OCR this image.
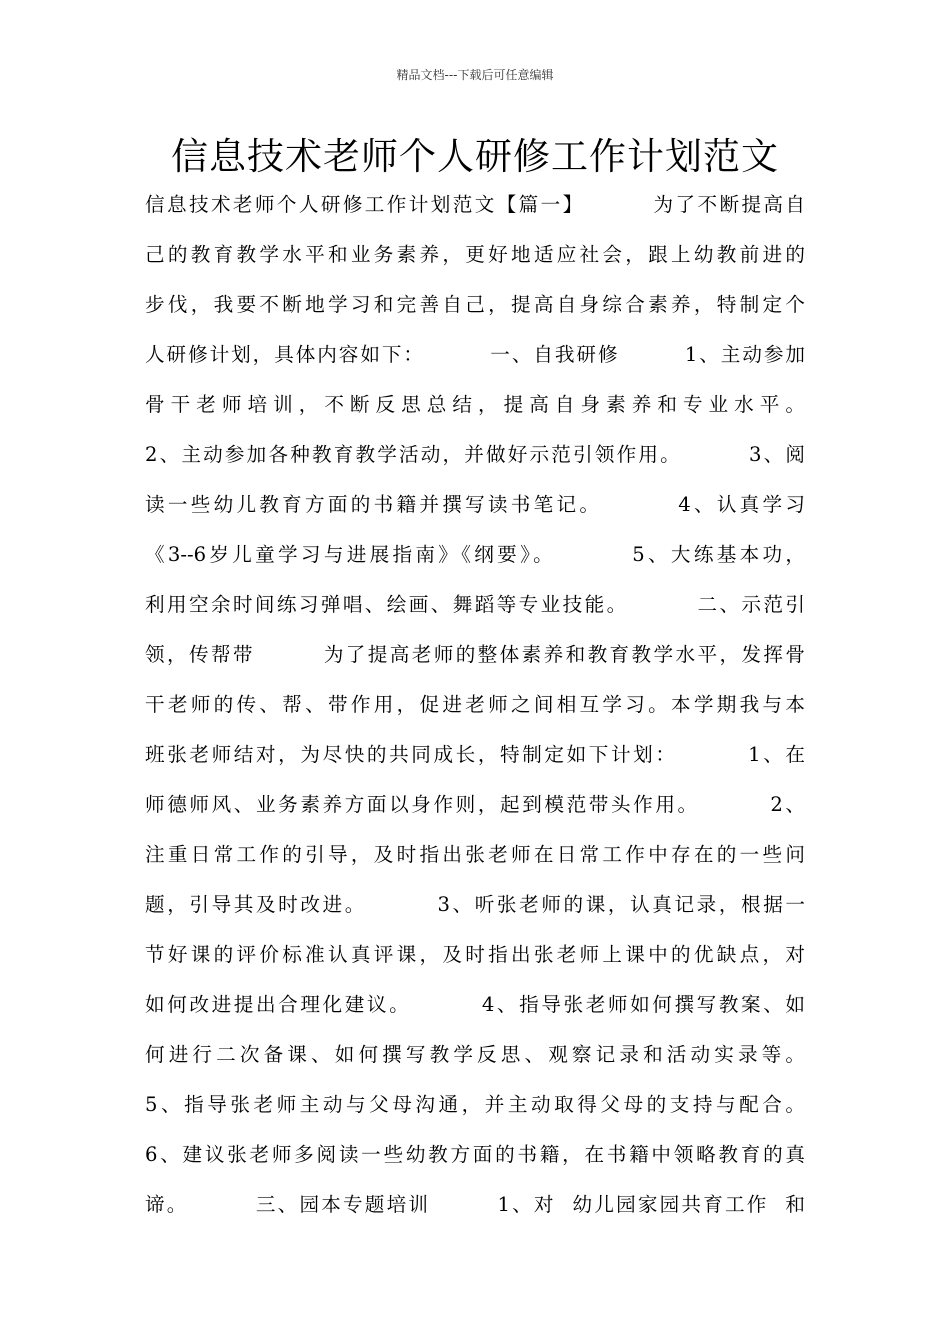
精品文档---下载后可任意编辑
信息技术老师个人研修工作计划范文
信息技术老师个人研修工作计划范文【篇一】        为了不断提高自
己的教育教学水平和业务素养，更好地适应社会，跟上幼教前进的
步伐，我要不断地学习和完善自己，提高自身综合素养，特制定个
人研修计划，具体内容如下：        一、自我研修        1、主动参加
骨干老师培训，不断反思总结，提高自身素养和专业水平。
2、主动参加各种教育教学活动，并做好示范引领作用。        3、阅
读一些幼儿教育方面的书籍并撰写读书笔记。        4、认真学习
《3--6岁儿童学习与进展指南》《纲要》。        5、大练基本功，
利用空余时间练习弹唱、绘画、舞蹈等专业技能。        二、示范引
领，传帮带        为了提高老师的整体素养和教育教学水平，发挥骨
干老师的传、帮、带作用，促进老师之间相互学习。本学期我与本
班张老师结对，为尽快的共同成长，特制定如下计划：        1、在
师德师风、业务素养方面以身作则，起到模范带头作用。        2、
注重日常工作的引导，及时指出张老师在日常工作中存在的一些问
题，引导其及时改进。        3、听张老师的课，认真记录，根据一
节好课的评价标准认真评课，及时指出张老师上课中的优缺点，对
如何改进提出合理化建议。        4、指导张老师如何撰写教案、如
何进行二次备课、如何撰写教学反思、观察记录和活动实录等。
5、指导张老师主动与父母沟通，并主动取得父母的支持与配合。
6、建议张老师多阅读一些幼教方面的书籍，在书籍中领略教育的真
谛。        三、园本专题培训        1、对  幼儿园家园共育工作  和
